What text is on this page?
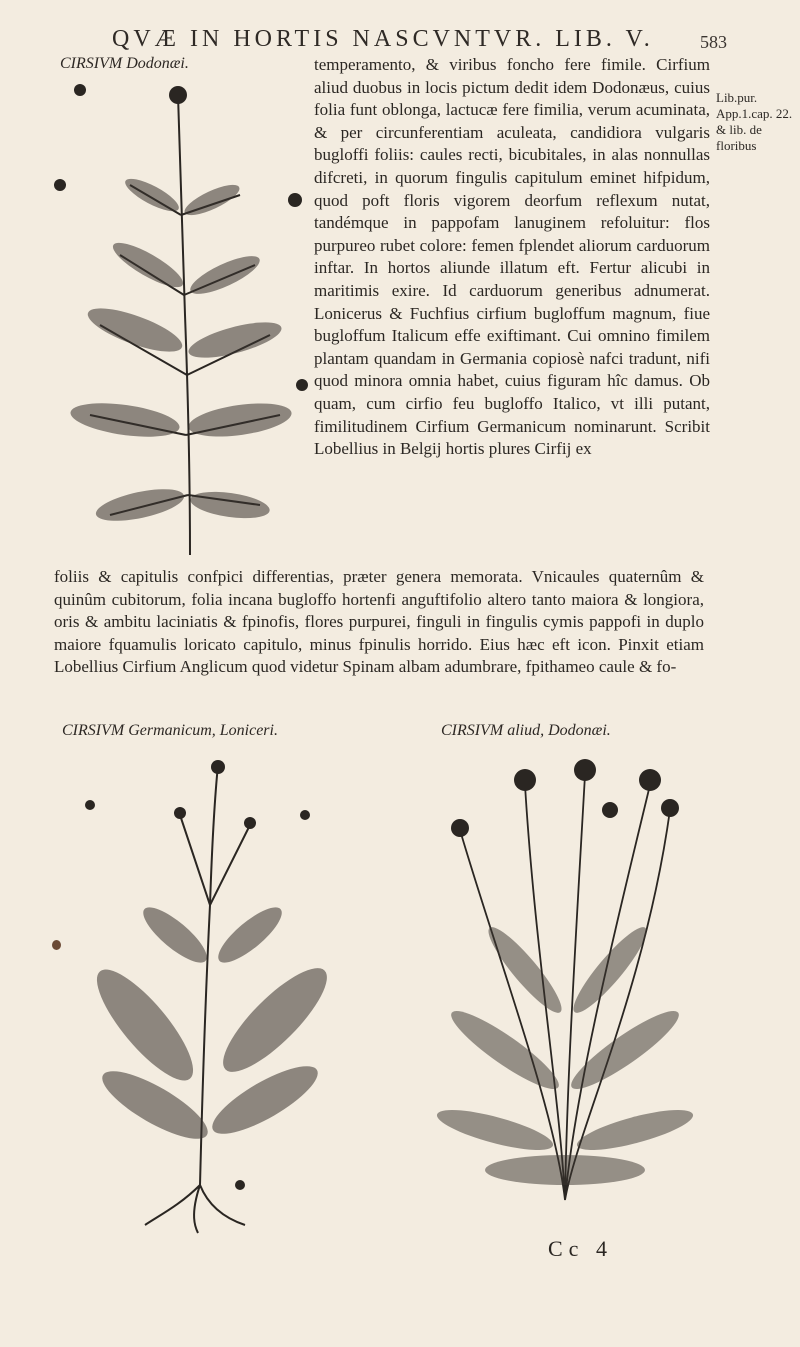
QVÆ IN HORTIS NASCVNTVR. LIB. V.	583
CIRSIVM Dodonæi.	temperamento, & viribus foncho fere fimile. Cirfium aliud duobus in locis pictum dedit idem Dodonæus, cuius folia funt oblonga, lactucæ fere fimilia, verum acuminata, & per circunferentiam aculeata, candidiora vulgaris bugloffi foliis: caules recti, bicubitales, in alas nonnullas difcreti, in quorum fingulis capitulum eminet hifpidum, quod poft floris vigorem deorfum reflexum nutat, tandémque in pappofam lanuginem refoluitur: flos purpureo rubet colore: femen fplendet aliorum carduorum inftar. In hortos aliunde illatum eft. Fertur alicubi in maritimis exire. Id carduorum generibus adnumerat. Lonicerus & Fuchfius cirfium bugloffum magnum, fiue bugloffum Italicum effe exiftimant. Cui omnino fimilem plantam quandam in Germania copiosè nafci tradunt, nifi quod minora omnia habet, cuius figuram hîc damus. Ob quam, cum cirfio feu bugloffo Italico, vt illi putant, fimilitudinem Cirfium Germanicum nominarunt. Scribit Lobellius in Belgij hortis plures Cirfij ex
Lib.pur. App.1.cap. 22. & lib. de floribus
foliis & capitulis confpici differentias, præter genera memorata. Vnicaules quaternûm & quinûm cubitorum, folia incana bugloffo hortenfi anguftifolio altero tanto maiora & longiora, oris & ambitu laciniatis & fpinofis, flores purpurei, finguli in fingulis cymis pappofi in duplo maiore fquamulis loricato capitulo, minus fpinulis horrido. Eius hæc eft icon. Pinxit etiam Lobellius Cirfium Anglicum quod videtur Spinam albam adumbrare, fpithameo caule & fo-
CIRSIVM Germanicum, Loniceri.	CIRSIVM aliud, Dodonæi.
Cc 4
